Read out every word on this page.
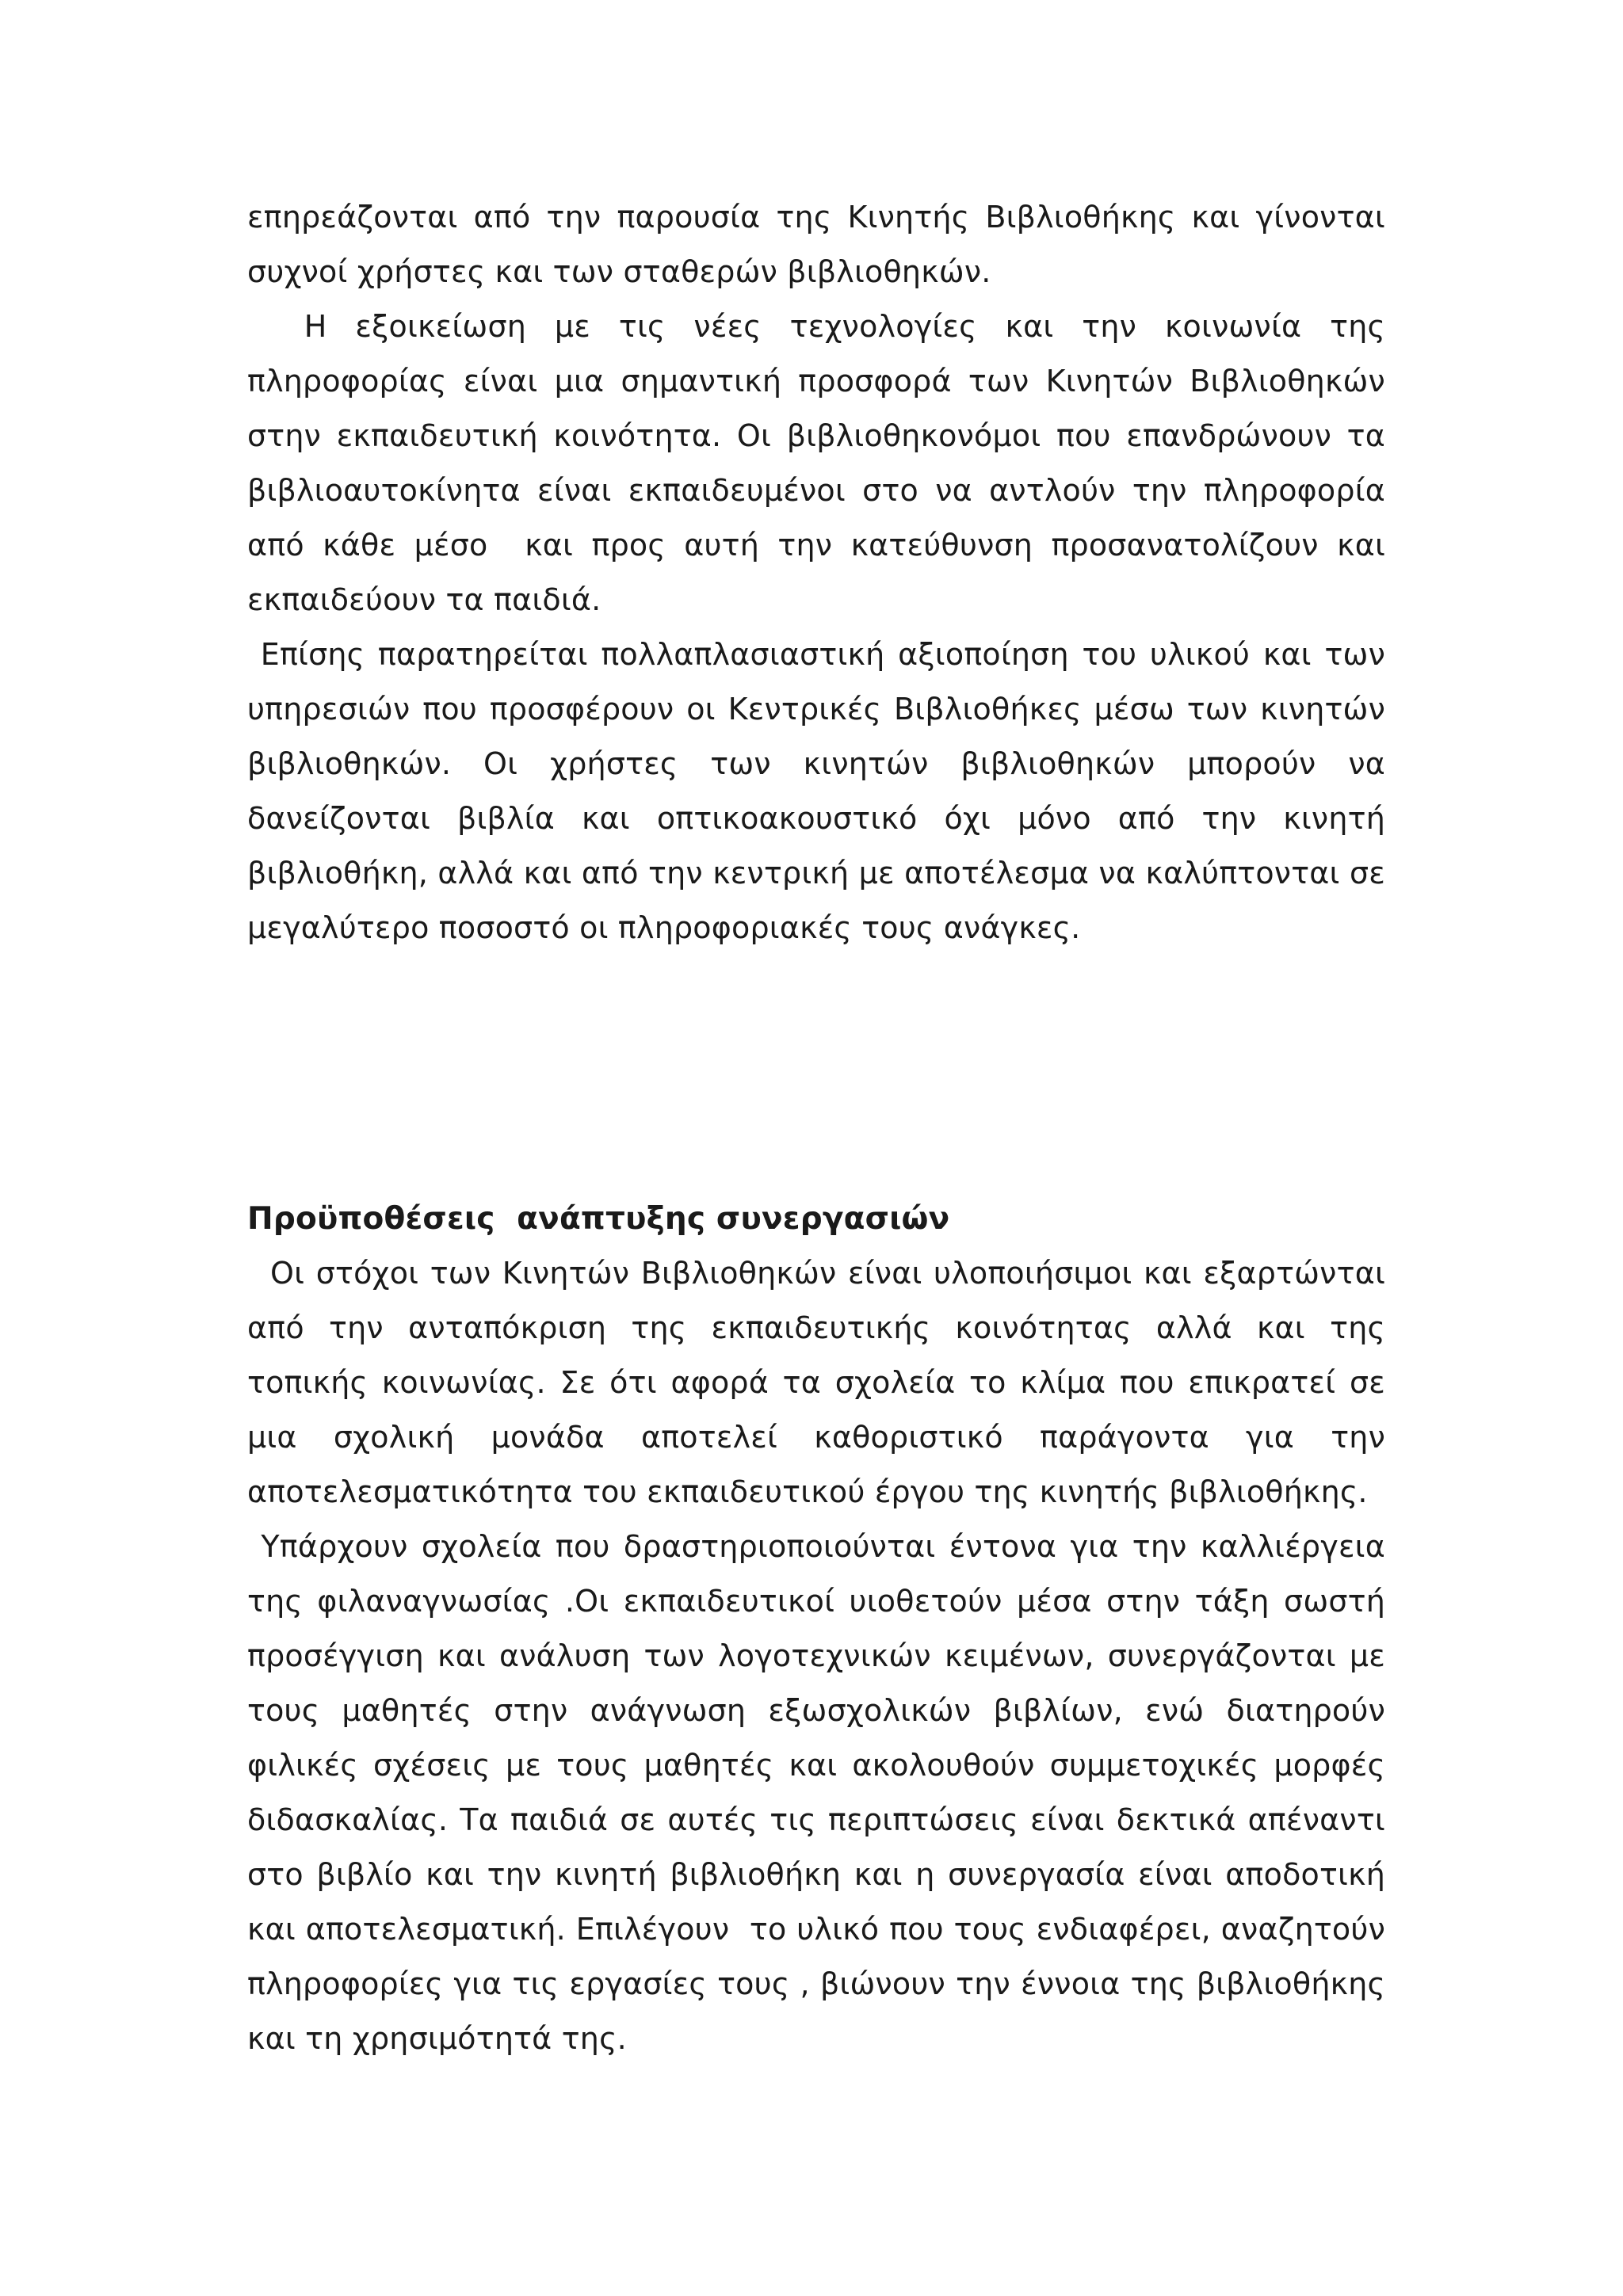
επηρεάζονται από την παρουσία της Κινητής Βιβλιοθήκης και γίνονται συχνοί χρήστες και των σταθερών βιβλιοθηκών.

Η εξοικείωση με τις νέες τεχνολογίες και την κοινωνία της πληροφορίας είναι μια σημαντική προσφορά των Κινητών Βιβλιοθηκών στην εκπαιδευτική κοινότητα. Οι βιβλιοθηκονόμοι που επανδρώνουν τα βιβλιοαυτοκίνητα είναι εκπαιδευμένοι στο να αντλούν την πληροφορία από κάθε μέσο  και προς αυτή την κατεύθυνση προσανατολίζουν και εκπαιδεύουν τα παιδιά.

Επίσης παρατηρείται πολλαπλασιαστική αξιοποίηση του υλικού και των υπηρεσιών που προσφέρουν οι Κεντρικές Βιβλιοθήκες μέσω των κινητών βιβλιοθηκών. Οι χρήστες των κινητών βιβλιοθηκών μπορούν να δανείζονται βιβλία και οπτικοακουστικό όχι μόνο από την κινητή βιβλιοθήκη, αλλά και από την κεντρική με αποτέλεσμα να καλύπτονται σε μεγαλύτερο ποσοστό οι πληροφοριακές τους ανάγκες.

Προϋποθέσεις  ανάπτυξης συνεργασιών

Οι στόχοι των Κινητών Βιβλιοθηκών είναι υλοποιήσιμοι και εξαρτώνται από την ανταπόκριση της εκπαιδευτικής κοινότητας αλλά και της τοπικής κοινωνίας. Σε ότι αφορά τα σχολεία το κλίμα που επικρατεί σε μια σχολική μονάδα αποτελεί καθοριστικό παράγοντα για την αποτελεσματικότητα του εκπαιδευτικού έργου της κινητής βιβλιοθήκης.

Υπάρχουν σχολεία που δραστηριοποιούνται έντονα για την καλλιέργεια της φιλαναγνωσίας .Οι εκπαιδευτικοί υιοθετούν μέσα στην τάξη σωστή προσέγγιση και ανάλυση των λογοτεχνικών κειμένων, συνεργάζονται με τους μαθητές στην ανάγνωση εξωσχολικών βιβλίων, ενώ διατηρούν φιλικές σχέσεις με τους μαθητές και ακολουθούν συμμετοχικές μορφές διδασκαλίας. Τα παιδιά σε αυτές τις περιπτώσεις είναι δεκτικά απέναντι στο βιβλίο και την κινητή βιβλιοθήκη και η συνεργασία είναι αποδοτική και αποτελεσματική. Επιλέγουν  το υλικό που τους ενδιαφέρει, αναζητούν πληροφορίες για τις εργασίες τους , βιώνουν την έννοια της βιβλιοθήκης και τη χρησιμότητά της.
